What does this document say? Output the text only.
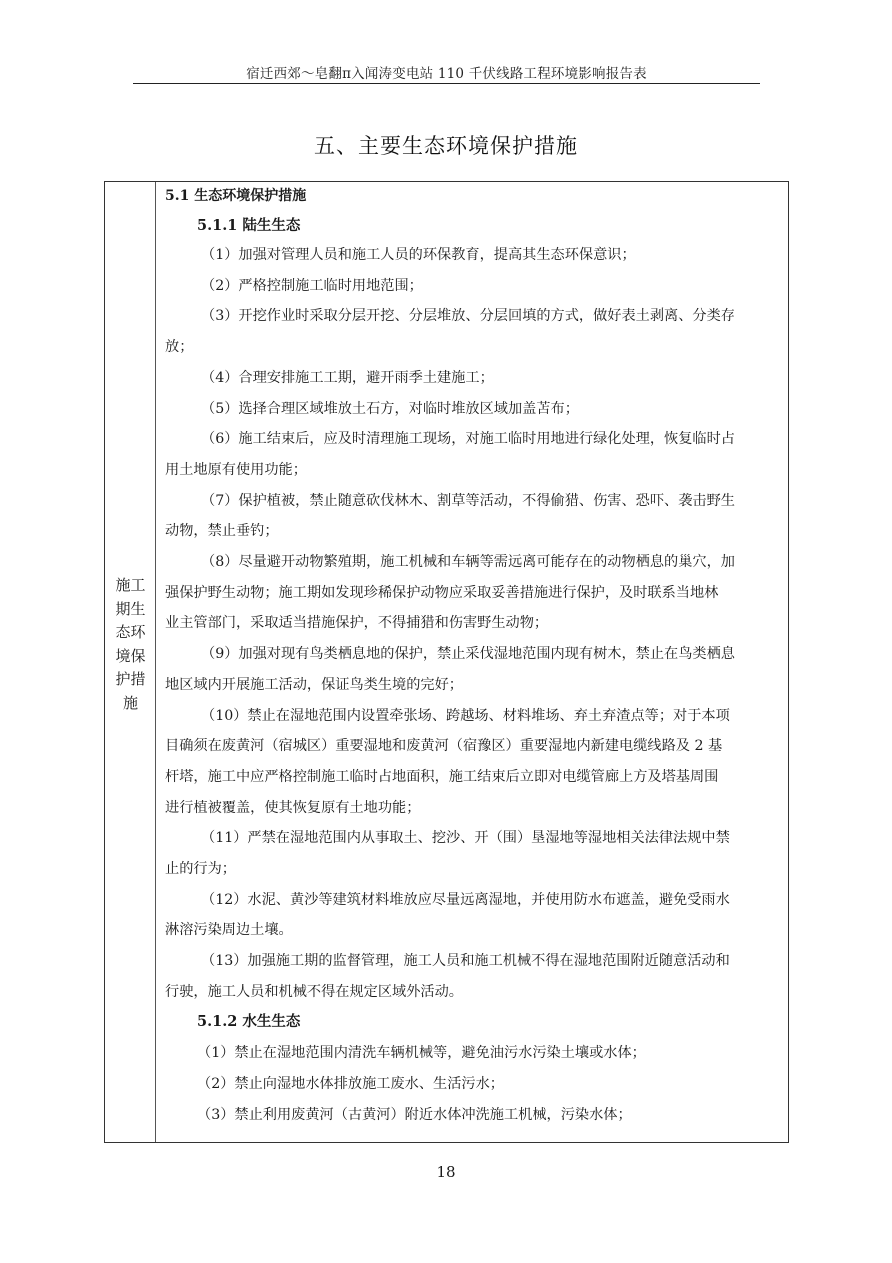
宿迁西郊～皂翻π入闻涛变电站 110 千伏线路工程环境影响报告表
五、主要生态环境保护措施
施工
期生
态环
境保
护措
施
5.1 生态环境保护措施
5.1.1 陆生生态
5.1.2 水生生态
（1）加强对管理人员和施工人员的环保教育，提高其生态环保意识；
（2）严格控制施工临时用地范围；
（3）开挖作业时采取分层开挖、分层堆放、分层回填的方式，做好表土剥离、分类存
放；
（4）合理安排施工工期，避开雨季土建施工；
（5）选择合理区域堆放土石方，对临时堆放区域加盖苫布；
（6）施工结束后，应及时清理施工现场，对施工临时用地进行绿化处理，恢复临时占
用土地原有使用功能；
（7）保护植被，禁止随意砍伐林木、割草等活动，不得偷猎、伤害、恐吓、袭击野生
动物，禁止垂钓；
（8）尽量避开动物繁殖期，施工机械和车辆等需远离可能存在的动物栖息的巢穴，加
强保护野生动物；施工期如发现珍稀保护动物应采取妥善措施进行保护，及时联系当地林
业主管部门，采取适当措施保护，不得捕猎和伤害野生动物；
（9）加强对现有鸟类栖息地的保护，禁止采伐湿地范围内现有树木，禁止在鸟类栖息
地区域内开展施工活动，保证鸟类生境的完好；
（10）禁止在湿地范围内设置牵张场、跨越场、材料堆场、弃土弃渣点等；对于本项
目确须在废黄河（宿城区）重要湿地和废黄河（宿豫区）重要湿地内新建电缆线路及 2 基
杆塔，施工中应严格控制施工临时占地面积，施工结束后立即对电缆管廊上方及塔基周围
进行植被覆盖，使其恢复原有土地功能；
（11）严禁在湿地范围内从事取土、挖沙、开（围）垦湿地等湿地相关法律法规中禁
止的行为；
（12）水泥、黄沙等建筑材料堆放应尽量远离湿地，并使用防水布遮盖，避免受雨水
淋溶污染周边土壤。
（13）加强施工期的监督管理，施工人员和施工机械不得在湿地范围附近随意活动和
行驶，施工人员和机械不得在规定区域外活动。
（1）禁止在湿地范围内清洗车辆机械等，避免油污水污染土壤或水体；
（2）禁止向湿地水体排放施工废水、生活污水；
（3）禁止利用废黄河（古黄河）附近水体冲洗施工机械，污染水体；
18
